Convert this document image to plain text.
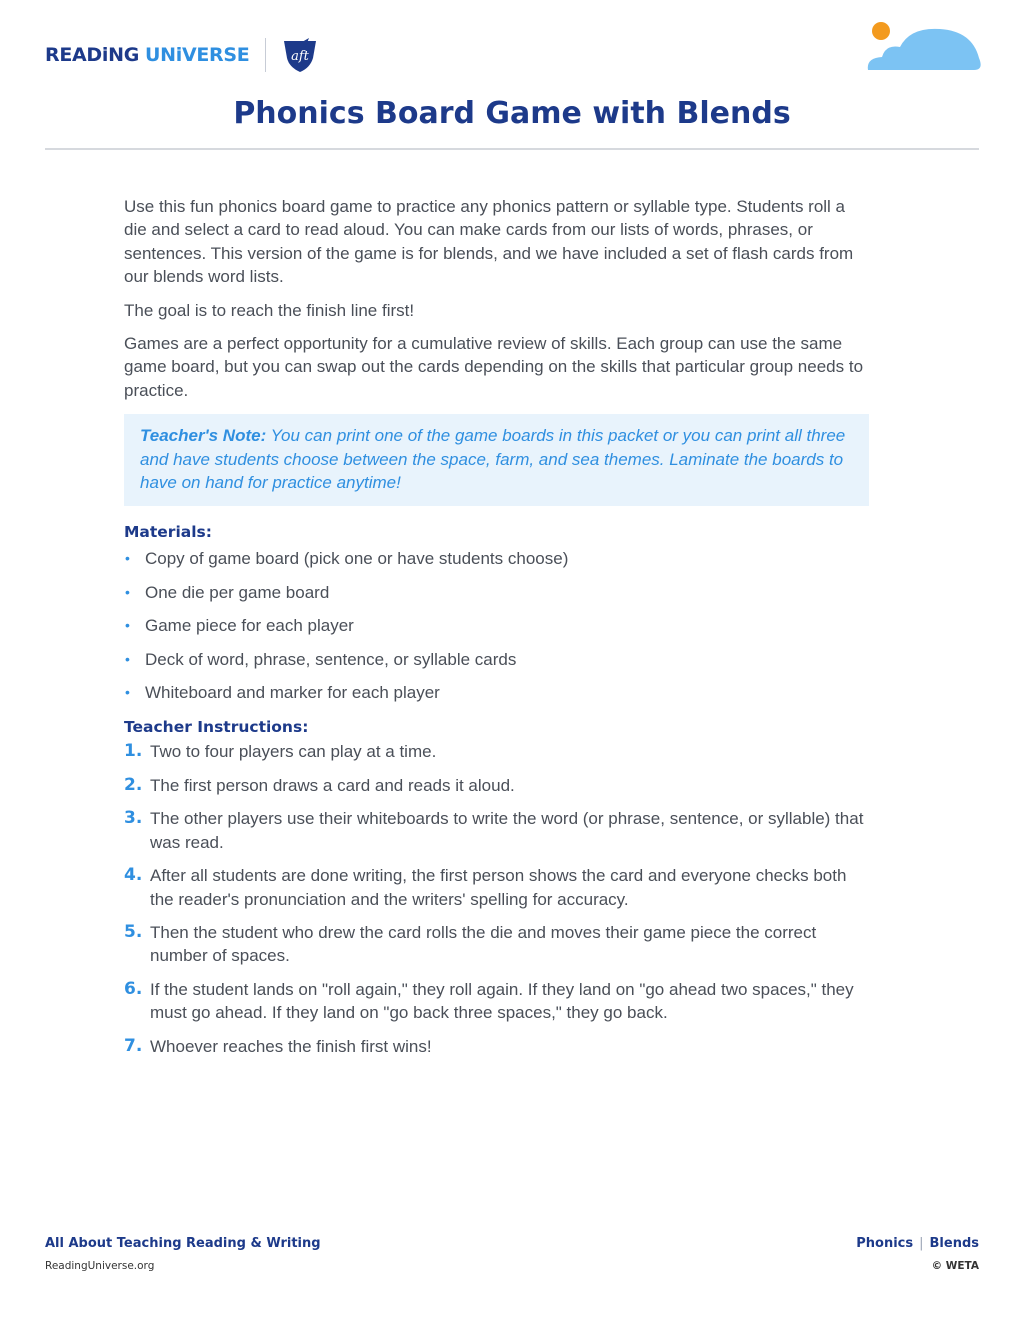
READiNG UNiVERSE	aft
Phonics Board Game with Blends

Use this fun phonics board game to practice any phonics pattern or syllable type. Students roll a die and select a card to read aloud. You can make cards from our lists of words, phrases, or sentences. This version of the game is for blends, and we have included a set of flash cards from our blends word lists.

The goal is to reach the finish line first!

Games are a perfect opportunity for a cumulative review of skills. Each group can use the same game board, but you can swap out the cards depending on the skills that particular group needs to practice.

Teacher's Note: You can print one of the game boards in this packet or you can print all three and have students choose between the space, farm, and sea themes. Laminate the boards to have on hand for practice anytime!
Materials:
• Copy of game board (pick one or have students choose)
• One die per game board
• Game piece for each player
• Deck of word, phrase, sentence, or syllable cards
• Whiteboard and marker for each player
Teacher Instructions:
1. Two to four players can play at a time.
2. The first person draws a card and reads it aloud.
3. The other players use their whiteboards to write the word (or phrase, sentence, or syllable) that was read.
4. After all students are done writing, the first person shows the card and everyone checks both the reader's pronunciation and the writers' spelling for accuracy.
5. Then the student who drew the card rolls the die and moves their game piece the correct number of spaces.
6. If the student lands on "roll again," they roll again. If they land on "go ahead two spaces," they must go ahead. If they land on "go back three spaces," they go back.
7. Whoever reaches the finish first wins!
All About Teaching Reading & Writing
ReadingUniverse.org
Phonics | Blends
© WETA
